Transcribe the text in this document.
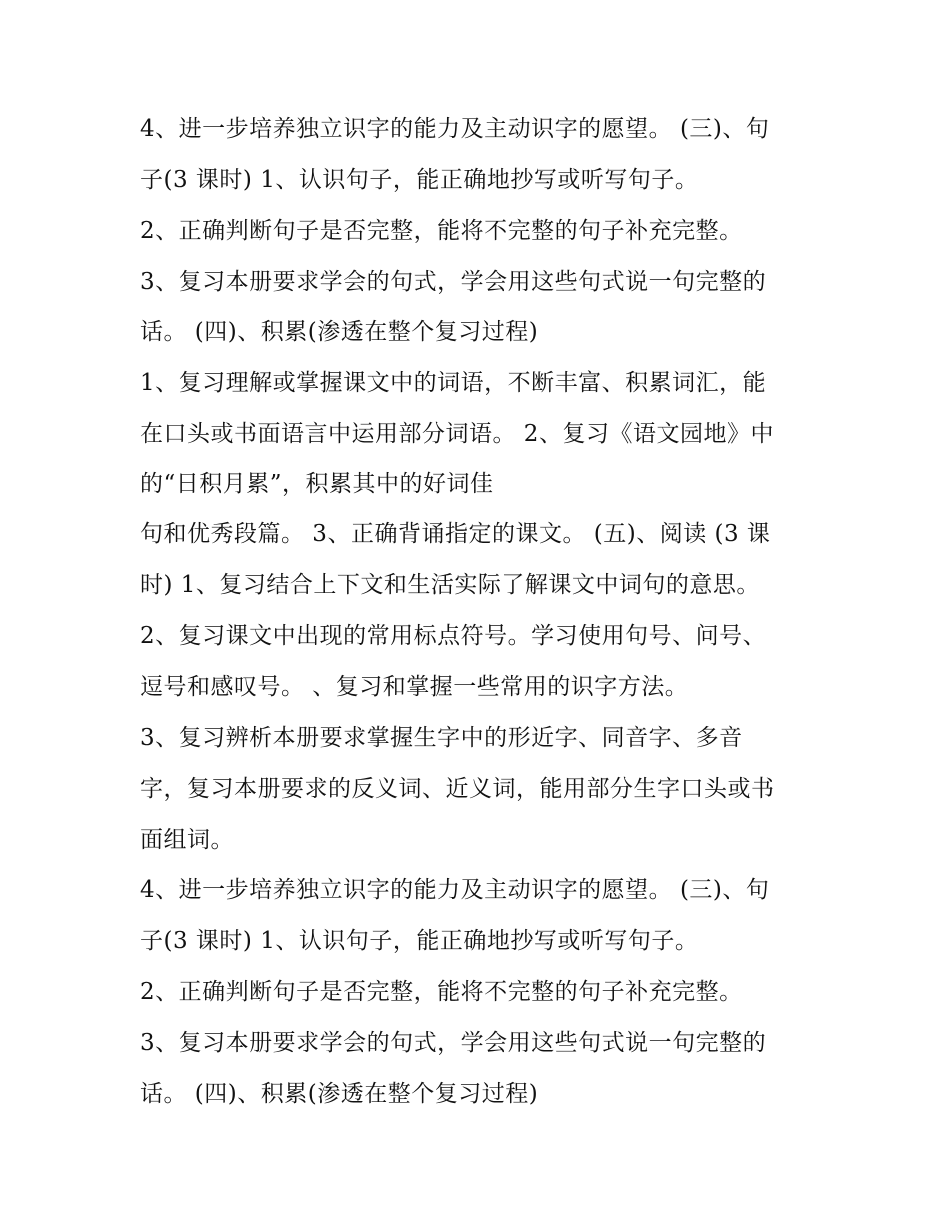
4、进一步培养独立识字的能力及主动识字的愿望。 (三)、句
子(3 课时) 1、认识句子，能正确地抄写或听写句子。
2、正确判断句子是否完整，能将不完整的句子补充完整。
3、复习本册要求学会的句式，学会用这些句式说一句完整的
话。 (四)、积累(渗透在整个复习过程)
1、复习理解或掌握课文中的词语，不断丰富、积累词汇，能
在口头或书面语言中运用部分词语。 2、复习《语文园地》中
的“日积月累”，积累其中的好词佳
句和优秀段篇。 3、正确背诵指定的课文。 (五)、阅读 (3 课
时) 1、复习结合上下文和生活实际了解课文中词句的意思。
2、复习课文中出现的常用标点符号。学习使用句号、问号、
逗号和感叹号。 、复习和掌握一些常用的识字方法。
3、复习辨析本册要求掌握生字中的形近字、同音字、多音
字，复习本册要求的反义词、近义词，能用部分生字口头或书
面组词。
4、进一步培养独立识字的能力及主动识字的愿望。 (三)、句
子(3 课时) 1、认识句子，能正确地抄写或听写句子。
2、正确判断句子是否完整，能将不完整的句子补充完整。
3、复习本册要求学会的句式，学会用这些句式说一句完整的
话。 (四)、积累(渗透在整个复习过程)
